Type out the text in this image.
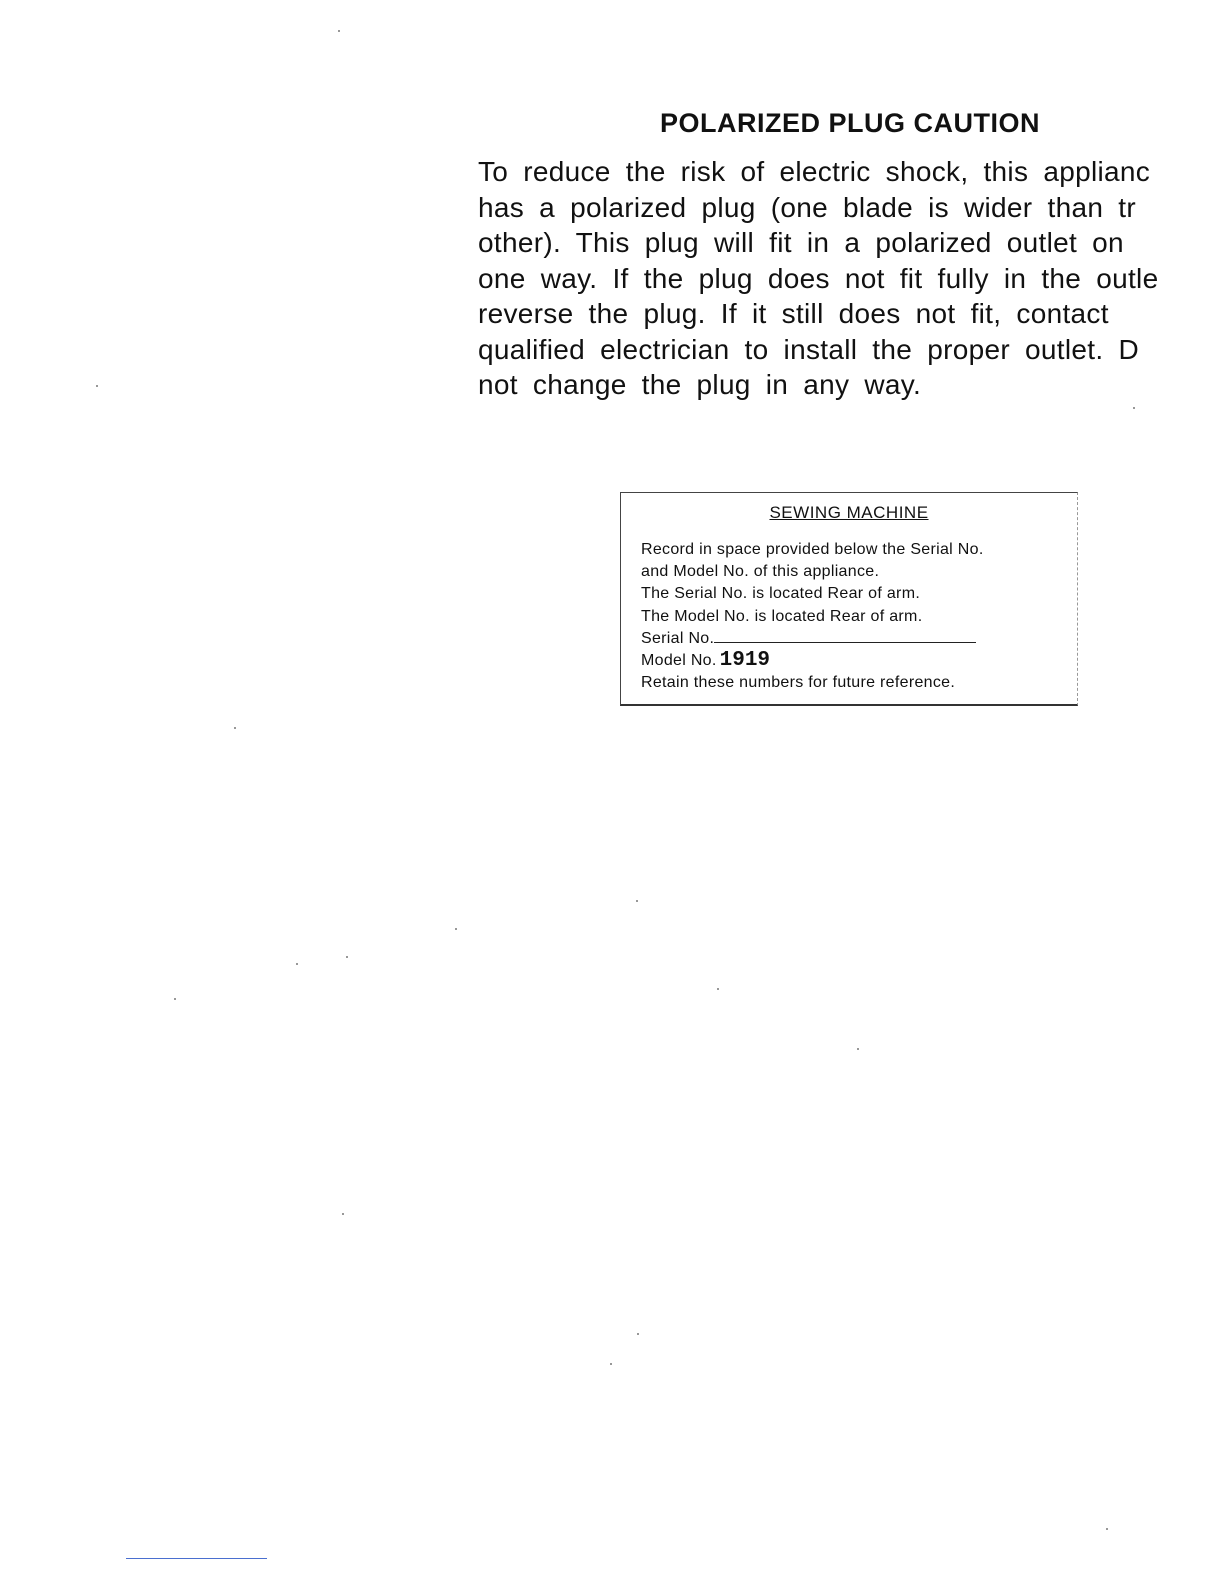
POLARIZED PLUG CAUTION
To reduce the risk of electric shock, this applianc
has a polarized plug (one blade is wider than tr
other). This plug will fit in a polarized outlet on
one way. If the plug does not fit fully in the outle
reverse the plug. If it still does not fit, contact
qualified electrician to install the proper outlet. D
not change the plug in any way.
SEWING MACHINE
Record in space provided below the Serial No.
and Model No. of this appliance.
The Serial No. is located Rear of arm.
The Model No. is located Rear of arm.
Serial No.
Model No. 1919
Retain these numbers for future reference.
